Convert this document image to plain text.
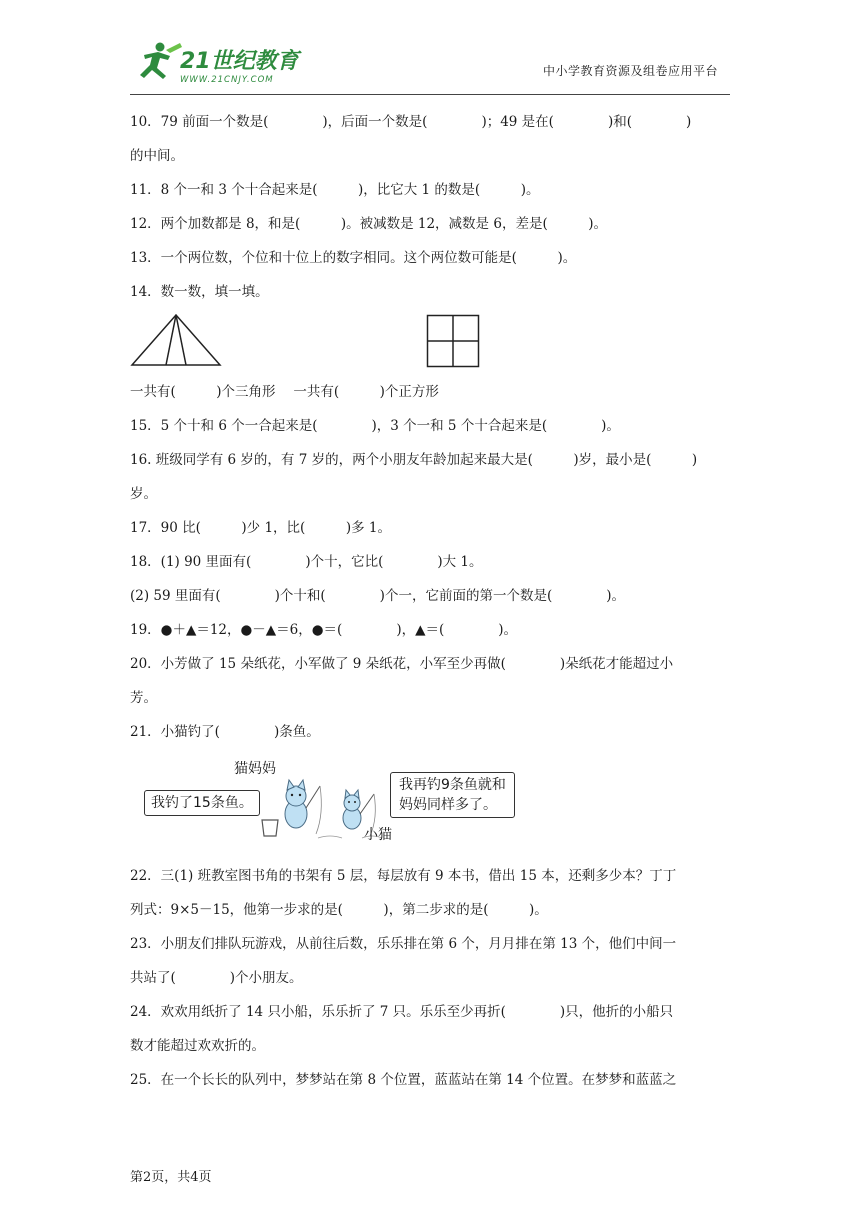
21世纪教育
WWW.21CNJY.COM
中小学教育资源及组卷应用平台
10．79 前面一个数是(　　　　)，后面一个数是(　　　　)；49 是在(　　　　)和(　　　　)
的中间。
11．8 个一和 3 个十合起来是(　　　)，比它大 1 的数是(　　　)。
12．两个加数都是 8，和是(　　　)。被减数是 12，减数是 6，差是(　　　)。
13．一个两位数，个位和十位上的数字相同。这个两位数可能是(　　　)。
14．数一数，填一填。
一共有(　　　)个三角形　 一共有(　　　)个正方形
15．5 个十和 6 个一合起来是(　　　　)，3 个一和 5 个十合起来是(　　　　)。
16. 班级同学有 6 岁的，有 7 岁的，两个小朋友年龄加起来最大是(　　　)岁，最小是(　　　)
岁。
17．90 比(　　　)少 1，比(　　　)多 1。
18．(1) 90 里面有(　　　　)个十，它比(　　　　)大 1。
(2) 59 里面有(　　　　)个十和(　　　　)个一，它前面的第一个数是(　　　　)。
19．●＋▲＝12，●－▲＝6，●＝(　　　　)，▲＝(　　　　)。
20．小芳做了 15 朵纸花，小军做了 9 朵纸花，小军至少再做(　　　　)朵纸花才能超过小
芳。
21．小猫钓了(　　　　)条鱼。
猫妈妈
我钓了15条鱼。
我再钓9条鱼就和
妈妈同样多了。
小猫
22．三(1) 班教室图书角的书架有 5 层，每层放有 9 本书，借出 15 本，还剩多少本？丁丁
列式：9×5－15，他第一步求的是(　　　)，第二步求的是(　　　)。
23．小朋友们排队玩游戏，从前往后数，乐乐排在第 6 个，月月排在第 13 个，他们中间一
共站了(　　　　)个小朋友。
24．欢欢用纸折了 14 只小船，乐乐折了 7 只。乐乐至少再折(　　　　)只，他折的小船只
数才能超过欢欢折的。
25．在一个长长的队列中，梦梦站在第 8 个位置，蓝蓝站在第 14 个位置。在梦梦和蓝蓝之
第2页，共4页
